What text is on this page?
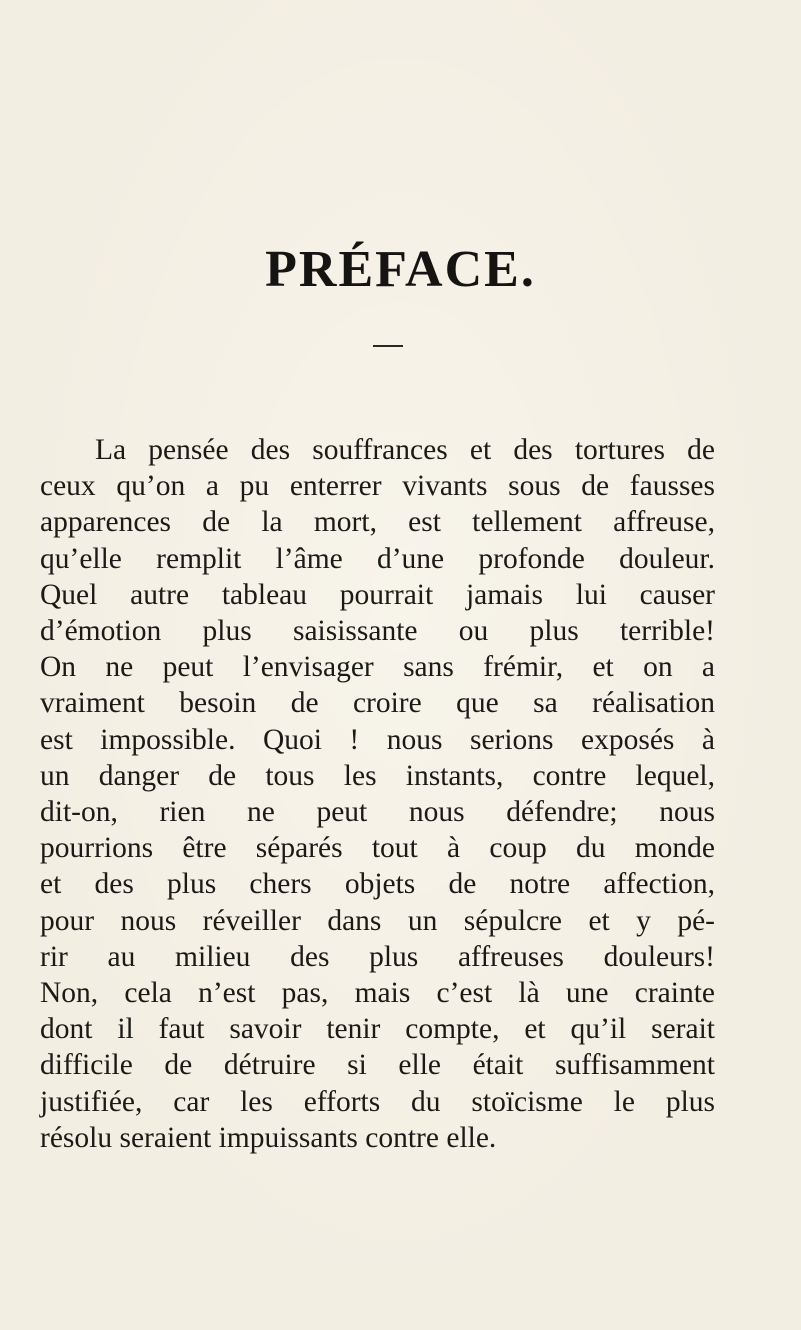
PRÉFACE.
La pensée des souffrances et des tortures de
ceux qu’on a pu enterrer vivants sous de fausses
apparences de la mort, est tellement affreuse,
qu’elle remplit l’âme d’une profonde douleur.
Quel autre tableau pourrait jamais lui causer
d’émotion plus saisissante ou plus terrible!
On ne peut l’envisager sans frémir, et on a
vraiment besoin de croire que sa réalisation
est impossible. Quoi ! nous serions exposés à
un danger de tous les instants, contre lequel,
dit-on, rien ne peut nous défendre; nous
pourrions être séparés tout à coup du monde
et des plus chers objets de notre affection,
pour nous réveiller dans un sépulcre et y pé-
rir au milieu des plus affreuses douleurs!
Non, cela n’est pas, mais c’est là une crainte
dont il faut savoir tenir compte, et qu’il serait
difficile de détruire si elle était suffisamment
justifiée, car les efforts du stoïcisme le plus
résolu seraient impuissants contre elle.
